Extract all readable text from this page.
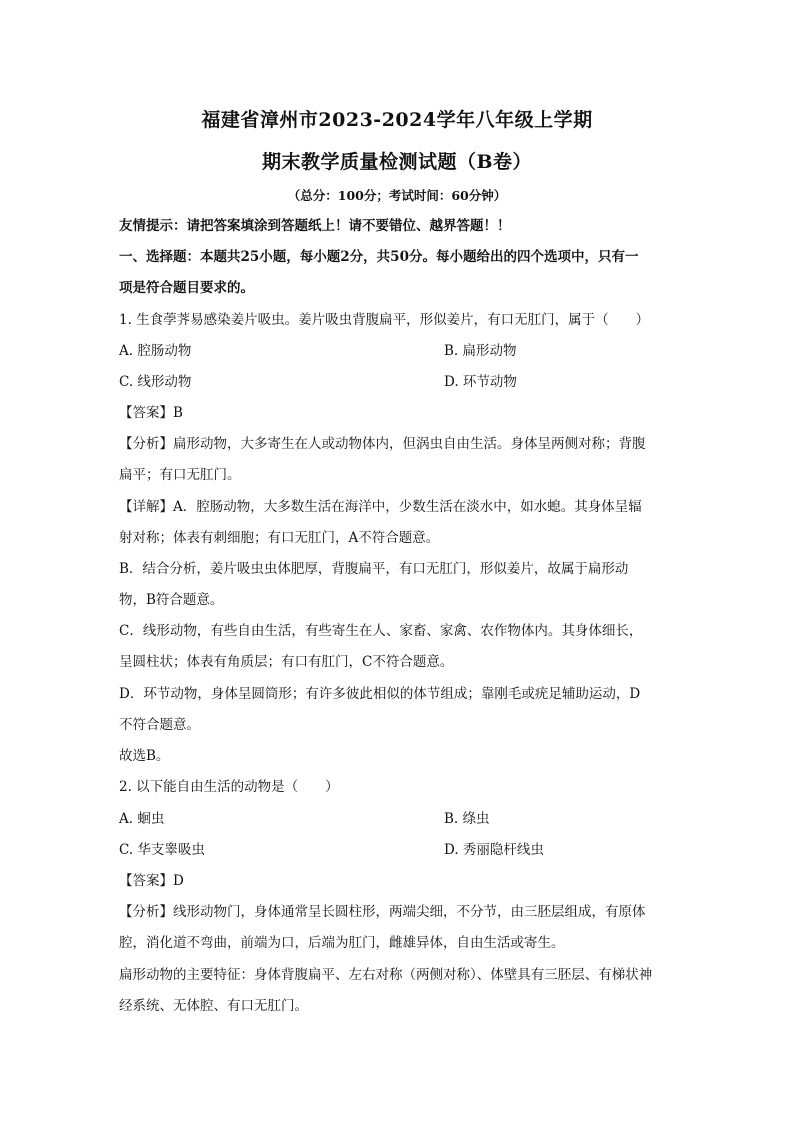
福建省漳州市2023-2024学年八年级上学期
期末教学质量检测试题（B卷）
（总分：100分；考试时间：60分钟）
友情提示：请把答案填涂到答题纸上！请不要错位、越界答题！！
一、选择题：本题共25小题，每小题2分，共50分。每小题给出的四个选项中，只有一
项是符合题目要求的。
1. 生食荸荠易感染姜片吸虫。姜片吸虫背腹扁平，形似姜片，有口无肛门，属于（　　）
A. 腔肠动物	B. 扁形动物
C. 线形动物	D. 环节动物
【答案】B
【分析】扁形动物，大多寄生在人或动物体内，但涡虫自由生活。身体呈两侧对称；背腹
扁平；有口无肛门。
【详解】A．腔肠动物，大多数生活在海洋中，少数生活在淡水中，如水螅。其身体呈辐
射对称；体表有刺细胞；有口无肛门，A不符合题意。
B．结合分析，姜片吸虫虫体肥厚，背腹扁平，有口无肛门，形似姜片，故属于扁形动
物，B符合题意。
C．线形动物，有些自由生活，有些寄生在人、家畜、家禽、农作物体内。其身体细长，
呈圆柱状；体表有角质层；有口有肛门，C不符合题意。
D．环节动物，身体呈圆筒形；有许多彼此相似的体节组成；靠刚毛或疣足辅助运动，D
不符合题意。
故选B。
2. 以下能自由生活的动物是（　　）
A. 蛔虫	B. 绦虫
C. 华支睾吸虫	D. 秀丽隐杆线虫
【答案】D
【分析】线形动物门，身体通常呈长圆柱形，两端尖细，不分节，由三胚层组成，有原体
腔，消化道不弯曲，前端为口，后端为肛门，雌雄异体，自由生活或寄生。
扁形动物的主要特征：身体背腹扁平、左右对称（两侧对称）、体壁具有三胚层、有梯状神
经系统、无体腔、有口无肛门。
